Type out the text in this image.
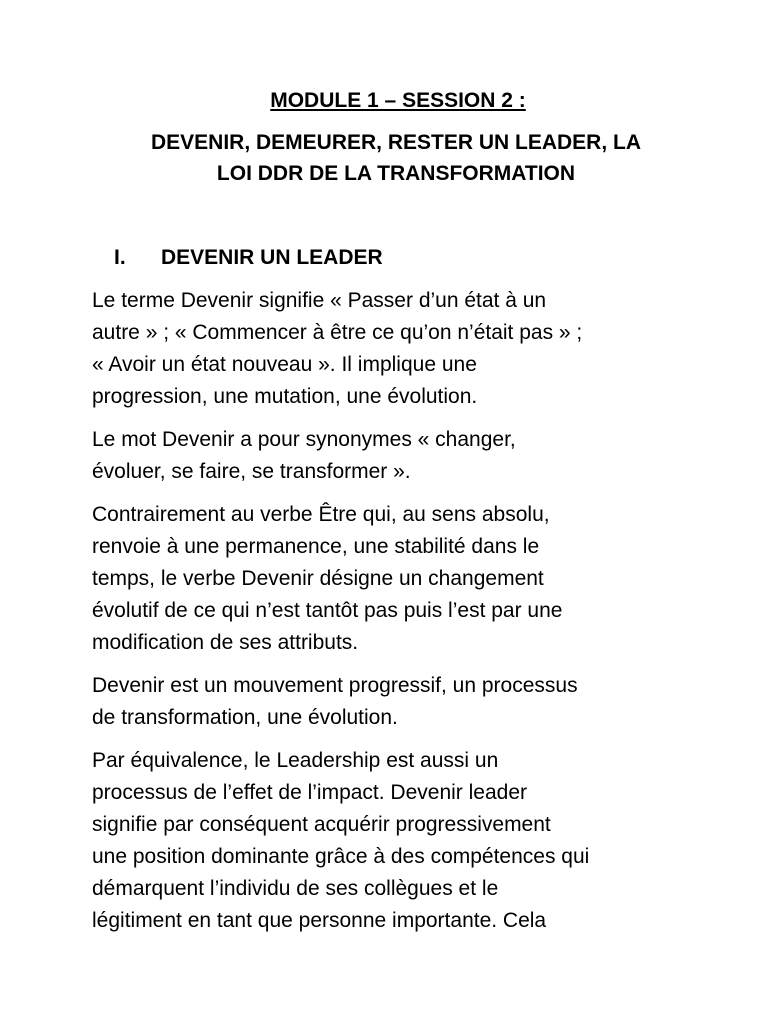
MODULE 1 – SESSION 2 :
DEVENIR, DEMEURER, RESTER UN LEADER, LA
LOI DDR DE LA TRANSFORMATION
I. DEVENIR UN LEADER

Le terme Devenir signifie « Passer d’un état à un
autre » ; « Commencer à être ce qu’on n’était pas » ;
« Avoir un état nouveau ». Il implique une
progression, une mutation, une évolution.

Le mot Devenir a pour synonymes « changer,
évoluer, se faire, se transformer ».

Contrairement au verbe Être qui, au sens absolu,
renvoie à une permanence, une stabilité dans le
temps, le verbe Devenir désigne un changement
évolutif de ce qui n’est tantôt pas puis l’est par une
modification de ses attributs.

Devenir est un mouvement progressif, un processus
de transformation, une évolution.

Par équivalence, le Leadership est aussi un
processus de l’effet de l’impact. Devenir leader
signifie par conséquent acquérir progressivement
une position dominante grâce à des compétences qui
démarquent l’individu de ses collègues et le
légitiment en tant que personne importante. Cela
